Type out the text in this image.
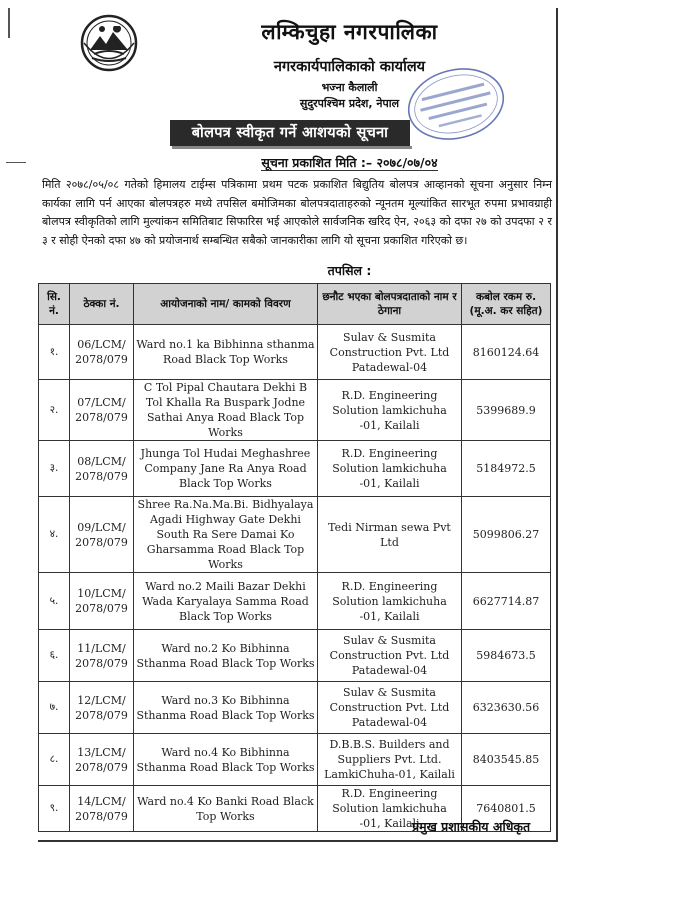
लम्किचुहा नगरपालिका
नगरकार्यपालिकाको कार्यालय
भज्ना कैलाली
सुदुरपश्चिम प्रदेश, नेपाल
बोलपत्र स्वीकृत गर्ने आशयको सूचना
सूचना प्रकाशित मिति :– २०७८/०७/०४
मिति २०७८/०५/०८ गतेको हिमालय टाईम्स पत्रिकामा प्रथम पटक प्रकाशित बिद्युतिय बोलपत्र आव्हानको सूचना अनुसार निम्न कार्यका लागि पर्न आएका बोलपत्रहरु मध्ये तपसिल बमोजिमका बोलपत्रदाताहरुको न्यूनतम मूल्यांकित सारभूत रुपमा प्रभावग्राही बोलपत्र स्वीकृतिको लागि मुल्यांकन समितिबाट सिफारिस भई आएकोले सार्वजनिक खरिद ऐन, २०६३ को दफा २७ को उपदफा २ र ३ र सोही ऐनको दफा ४७ को प्रयोजनार्थ सम्बन्धित सबैको जानकारीका लागि यो सूचना प्रकाशित गरिएको छ।
तपसिल :
सि. नं.	ठेक्का नं.	आयोजनाको नाम/ कामको विवरण	छनौट भएका बोलपत्रदाताको नाम र ठेगाना	कबोल रकम रु. (मू.अ. कर सहित)
१.	06/LCM/ 2078/079	Ward no.1 ka Bibhinna sthanma Road Black Top Works	Sulav & Susmita Construction Pvt. Ltd Patadewal-04	8160124.64
२.	07/LCM/ 2078/079	C Tol Pipal Chautara Dekhi B Tol Khalla Ra Buspark Jodne Sathai Anya Road Black Top Works	R.D. Engineering Solution lamkichuha -01, Kailali	5399689.9
३.	08/LCM/ 2078/079	Jhunga Tol Hudai Meghashree Company Jane Ra Anya Road Black Top Works	R.D. Engineering Solution lamkichuha -01, Kailali	5184972.5
४.	09/LCM/ 2078/079	Shree Ra.Na.Ma.Bi. Bidhyalaya Agadi Highway Gate Dekhi South Ra Sere Damai Ko Gharsamma Road Black Top Works	Tedi Nirman sewa Pvt Ltd	5099806.27
५.	10/LCM/ 2078/079	Ward no.2 Maili Bazar Dekhi Wada Karyalaya Samma Road Black Top Works	R.D. Engineering Solution lamkichuha -01, Kailali	6627714.87
६.	11/LCM/ 2078/079	Ward no.2 Ko Bibhinna Sthanma Road Black Top Works	Sulav & Susmita Construction Pvt. Ltd Patadewal-04	5984673.5
७.	12/LCM/ 2078/079	Ward no.3 Ko Bibhinna Sthanma Road Black Top Works	Sulav & Susmita Construction Pvt. Ltd Patadewal-04	6323630.56
८.	13/LCM/ 2078/079	Ward no.4 Ko Bibhinna Sthanma Road Black Top Works	D.B.B.S. Builders and Suppliers Pvt. Ltd. LamkiChuha-01, Kailali	8403545.85
९.	14/LCM/ 2078/079	Ward no.4 Ko Banki Road Black Top Works	R.D. Engineering Solution lamkichuha -01, Kailali	7640801.5
प्रमुख प्रशासकीय अधिकृत
